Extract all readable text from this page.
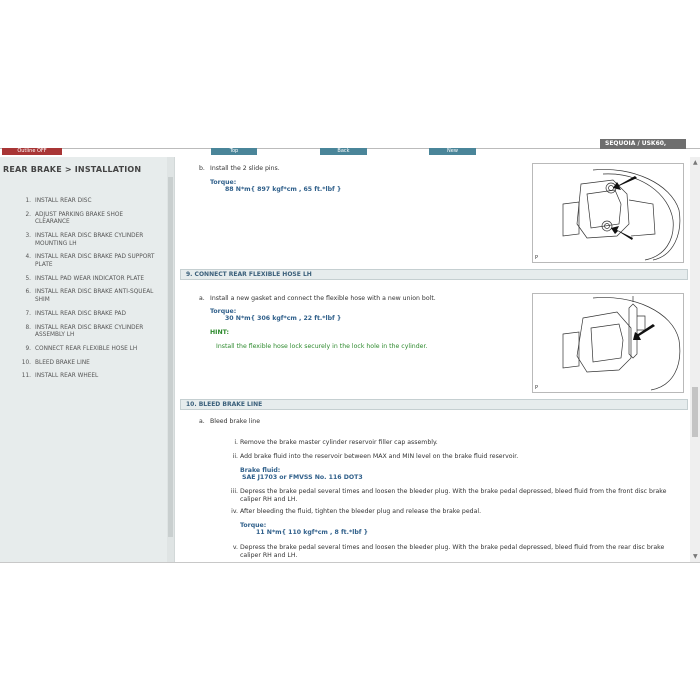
Outline OFF	Top	Back	New
SEQUOIA / USK60,
REAR BRAKE > INSTALLATION
1. INSTALL REAR DISC
2. ADJUST PARKING BRAKE SHOE CLEARANCE
3. INSTALL REAR DISC BRAKE CYLINDER MOUNTING LH
4. INSTALL REAR DISC BRAKE PAD SUPPORT PLATE
5. INSTALL PAD WEAR INDICATOR PLATE
6. INSTALL REAR DISC BRAKE ANTI-SQUEAL SHIM
7. INSTALL REAR DISC BRAKE PAD
8. INSTALL REAR DISC BRAKE CYLINDER ASSEMBLY LH
9. CONNECT REAR FLEXIBLE HOSE LH
10. BLEED BRAKE LINE
11. INSTALL REAR WHEEL
b. Install the 2 slide pins.
Torque:
88 N*m{ 897 kgf*cm , 65 ft.*lbf }
P
9. CONNECT REAR FLEXIBLE HOSE LH
a. Install a new gasket and connect the flexible hose with a new union bolt.
Torque:
30 N*m{ 306 kgf*cm , 22 ft.*lbf }
HINT:
Install the flexible hose lock securely in the lock hole in the cylinder.
P
10. BLEED BRAKE LINE
a. Bleed brake line
i. Remove the brake master cylinder reservoir filler cap assembly.
ii. Add brake fluid into the reservoir between MAX and MIN level on the brake fluid reservoir.
Brake fluid:
SAE J1703 or FMVSS No. 116 DOT3
iii. Depress the brake pedal several times and loosen the bleeder plug. With the brake pedal depressed, bleed fluid from the front disc brake
caliper RH and LH.
iv. After bleeding the fluid, tighten the bleeder plug and release the brake pedal.
Torque:
11 N*m{ 110 kgf*cm , 8 ft.*lbf }
v. Depress the brake pedal several times and loosen the bleeder plug. With the brake pedal depressed, bleed fluid from the rear disc brake
caliper RH and LH.
▲
▼
